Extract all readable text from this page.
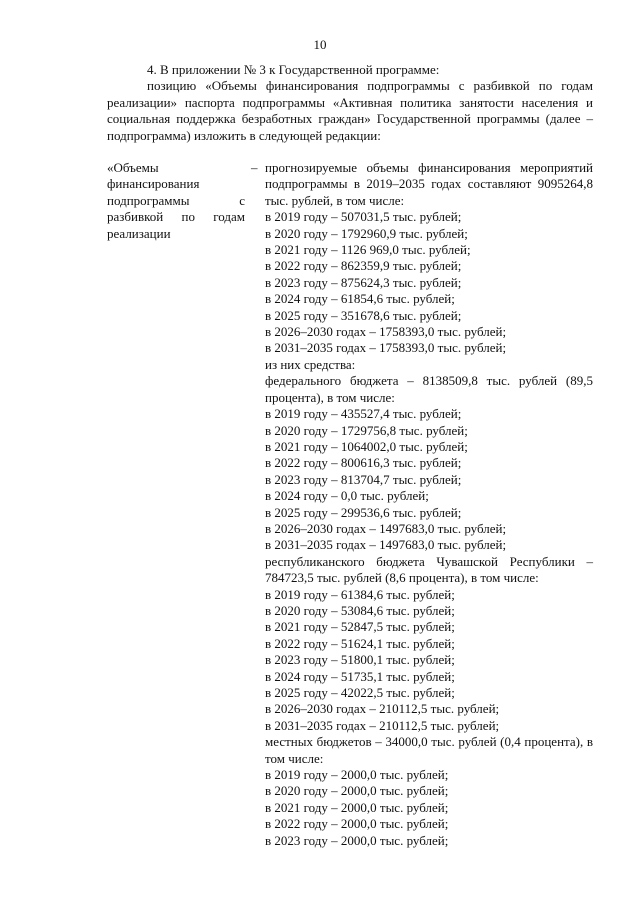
10

4. В приложении № 3 к Государственной программе:

позицию «Объемы финансирования подпрограммы с разбивкой по годам реализации» паспорта подпрограммы «Активная политика занятости населения и социальная поддержка безработных граждан» Государственной программы (далее – подпрограмма) изложить в следующей редакции:

«Объемы финансирования подпрограммы с разбивкой по годам реализации
– прогнозируемые объемы финансирования мероприятий подпрограммы в 2019–2035 годах составляют 9095264,8 тыс. рублей, в том числе:
в 2019 году – 507031,5 тыс. рублей;
в 2020 году – 1792960,9 тыс. рублей;
в 2021 году – 1126 969,0 тыс. рублей;
в 2022 году – 862359,9 тыс. рублей;
в 2023 году – 875624,3 тыс. рублей;
в 2024 году – 61854,6 тыс. рублей;
в 2025 году – 351678,6 тыс. рублей;
в 2026–2030 годах – 1758393,0 тыс. рублей;
в 2031–2035 годах – 1758393,0 тыс. рублей;
из них средства:
федерального бюджета – 8138509,8 тыс. рублей (89,5 процента), в том числе:
в 2019 году – 435527,4 тыс. рублей;
в 2020 году – 1729756,8 тыс. рублей;
в 2021 году – 1064002,0 тыс. рублей;
в 2022 году – 800616,3 тыс. рублей;
в 2023 году – 813704,7 тыс. рублей;
в 2024 году – 0,0 тыс. рублей;
в 2025 году – 299536,6 тыс. рублей;
в 2026–2030 годах – 1497683,0 тыс. рублей;
в 2031–2035 годах – 1497683,0 тыс. рублей;
республиканского бюджета Чувашской Республики – 784723,5 тыс. рублей (8,6 процента), в том числе:
в 2019 году – 61384,6 тыс. рублей;
в 2020 году – 53084,6 тыс. рублей;
в 2021 году – 52847,5 тыс. рублей;
в 2022 году – 51624,1 тыс. рублей;
в 2023 году – 51800,1 тыс. рублей;
в 2024 году – 51735,1 тыс. рублей;
в 2025 году – 42022,5 тыс. рублей;
в 2026–2030 годах – 210112,5 тыс. рублей;
в 2031–2035 годах – 210112,5 тыс. рублей;
местных бюджетов – 34000,0 тыс. рублей (0,4 процента), в том числе:
в 2019 году – 2000,0 тыс. рублей;
в 2020 году – 2000,0 тыс. рублей;
в 2021 году – 2000,0 тыс. рублей;
в 2022 году – 2000,0 тыс. рублей;
в 2023 году – 2000,0 тыс. рублей;
